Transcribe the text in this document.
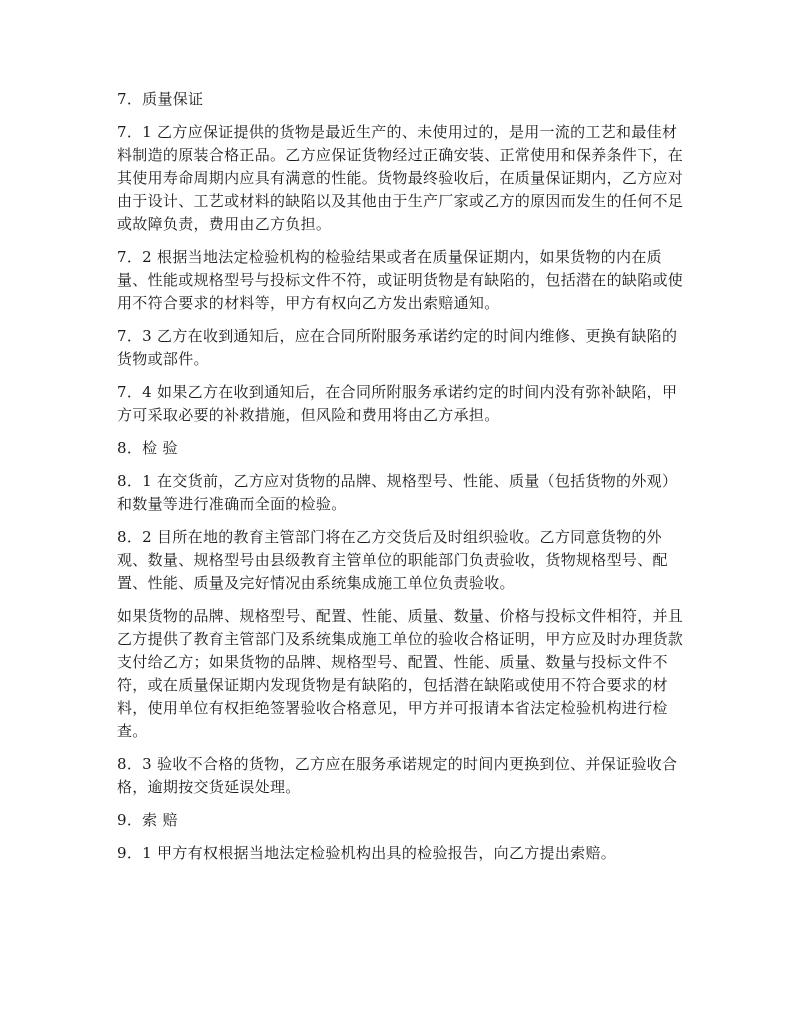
7．质量保证

7．1 乙方应保证提供的货物是最近生产的、未使用过的，是用一流的工艺和最佳材料制造的原装合格正品。乙方应保证货物经过正确安装、正常使用和保养条件下，在其使用寿命周期内应具有满意的性能。货物最终验收后，在质量保证期内，乙方应对由于设计、工艺或材料的缺陷以及其他由于生产厂家或乙方的原因而发生的任何不足或故障负责，费用由乙方负担。

7．2 根据当地法定检验机构的检验结果或者在质量保证期内，如果货物的内在质量、性能或规格型号与投标文件不符，或证明货物是有缺陷的，包括潜在的缺陷或使用不符合要求的材料等，甲方有权向乙方发出索赔通知。

7．3 乙方在收到通知后，应在合同所附服务承诺约定的时间内维修、更换有缺陷的货物或部件。

7．4 如果乙方在收到通知后，在合同所附服务承诺约定的时间内没有弥补缺陷，甲方可采取必要的补救措施，但风险和费用将由乙方承担。

8．检 验

8．1 在交货前，乙方应对货物的品牌、规格型号、性能、质量（包括货物的外观）和数量等进行准确而全面的检验。

8．2 目所在地的教育主管部门将在乙方交货后及时组织验收。乙方同意货物的外观、数量、规格型号由县级教育主管单位的职能部门负责验收，货物规格型号、配置、性能、质量及完好情况由系统集成施工单位负责验收。

如果货物的品牌、规格型号、配置、性能、质量、数量、价格与投标文件相符，并且乙方提供了教育主管部门及系统集成施工单位的验收合格证明，甲方应及时办理货款支付给乙方；如果货物的品牌、规格型号、配置、性能、质量、数量与投标文件不符，或在质量保证期内发现货物是有缺陷的，包括潜在缺陷或使用不符合要求的材料，使用单位有权拒绝签署验收合格意见，甲方并可报请本省法定检验机构进行检查。

8．3 验收不合格的货物，乙方应在服务承诺规定的时间内更换到位、并保证验收合格，逾期按交货延误处理。

9．索 赔

9．1 甲方有权根据当地法定检验机构出具的检验报告，向乙方提出索赔。
